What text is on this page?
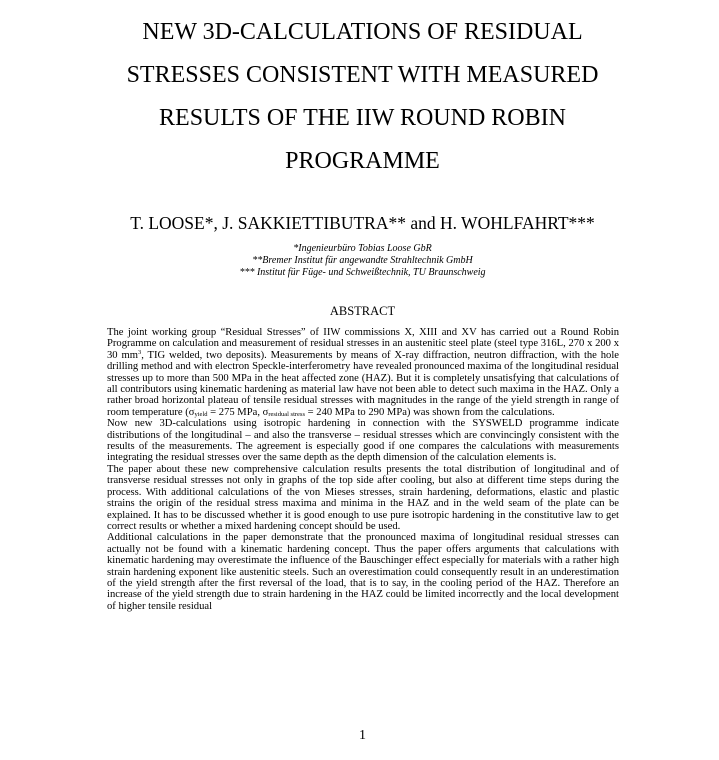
NEW 3D-CALCULATIONS OF RESIDUAL
STRESSES CONSISTENT WITH MEASURED
RESULTS OF THE IIW ROUND ROBIN
PROGRAMME

T. LOOSE*, J. SAKKIETTIBUTRA** and H. WOHLFAHRT***

*Ingenieurbüro Tobias Loose GbR
**Bremer Institut für angewandte Strahltechnik GmbH
*** Institut für Füge- und Schweißtechnik, TU Braunschweig
ABSTRACT

The joint working group “Residual Stresses” of IIW commissions X, XIII and XV has carried out a Round Robin Programme on calculation and measurement of residual stresses in an austenitic steel plate (steel type 316L, 270 x 200 x 30 $mm^3$, TIG welded, two deposits). Measurements by means of X-ray diffraction, neutron diffraction, with the hole drilling method and with electron Speckle-interferometry have revealed pronounced maxima of the longitudinal residual stresses up to more than 500 MPa in the heat affected zone (HAZ). But it is completely unsatisfying that calculations of all contributors using kinematic hardening as material law have not been able to detect such maxima in the HAZ. Only a rather broad horizontal plateau of tensile residual stresses with magnitudes in the range of the yield strength in range of room temperature ($\sigma_{yield} = 275$ MPa, $\sigma_{residual stress} = 240$ MPa to 290 MPa) was shown from the calculations.

Now new 3D-calculations using isotropic hardening in connection with the SYSWELD programme indicate distributions of the longitudinal – and also the transverse – residual stresses which are convincingly consistent with the results of the measurements. The agreement is especially good if one compares the calculations with measurements integrating the residual stresses over the same depth as the depth dimension of the calculation elements is.

The paper about these new comprehensive calculation results presents the total distribution of longitudinal and of transverse residual stresses not only in graphs of the top side after cooling, but also at different time steps during the process. With additional calculations of the von Mieses stresses, strain hardening, deformations, elastic and plastic strains the origin of the residual stress maxima and minima in the HAZ and in the weld seam of the plate can be explained. It has to be discussed whether it is good enough to use pure isotropic hardening in the constitutive law to get correct results or whether a mixed hardening concept should be used.

Additional calculations in the paper demonstrate that the pronounced maxima of longitudinal residual stresses can actually not be found with a kinematic hardening concept. Thus the paper offers arguments that calculations with kinematic hardening may overestimate the influence of the Bauschinger effect especially for materials with a rather high strain hardening exponent like austenitic steels. Such an overestimation could consequently result in an underestimation of the yield strength after the first reversal of the load, that is to say, in the cooling period of the HAZ. Therefore an increase of the yield strength due to strain hardening in the HAZ could be limited incorrectly and the local development of higher tensile residual

1
